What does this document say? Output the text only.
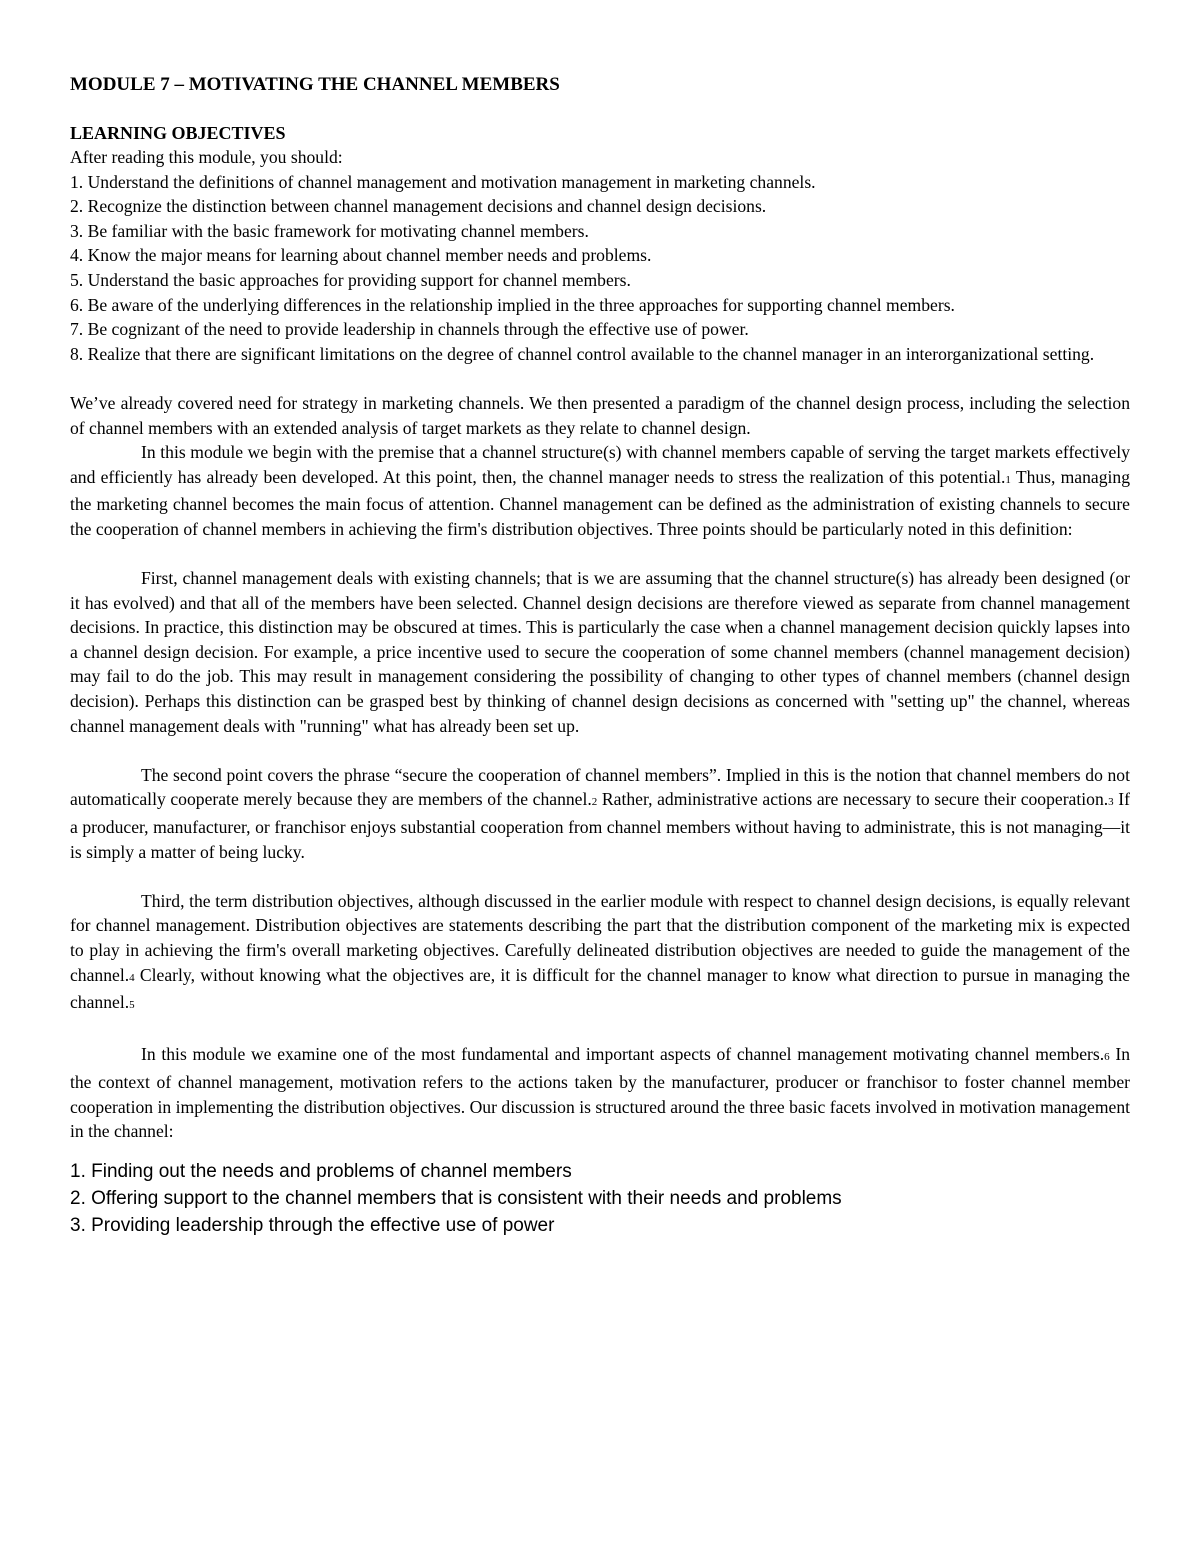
MODULE 7 – MOTIVATING THE CHANNEL MEMBERS
LEARNING OBJECTIVES

After reading this module, you should:

1. Understand the definitions of channel management and motivation management in marketing channels.

2. Recognize the distinction between channel management decisions and channel design decisions.

3. Be familiar with the basic framework for motivating channel members.

4. Know the major means for learning about channel member needs and problems.

5. Understand the basic approaches for providing support for channel members.

6. Be aware of the underlying differences in the relationship implied in the three approaches for supporting channel members.

7. Be cognizant of the need to provide leadership in channels through the effective use of power.

8. Realize that there are significant limitations on the degree of channel control available to the channel manager in an interorganizational setting.

We’ve already covered need for strategy in marketing channels. We then presented a paradigm of the channel design process, including the selection of channel members with an extended analysis of target markets as they relate to channel design.

In this module we begin with the premise that a channel structure(s) with channel members capable of serving the target markets effectively and efficiently has already been developed. At this point, then, the channel manager needs to stress the realization of this potential.1 Thus, managing the marketing channel becomes the main focus of attention. Channel management can be defined as the administration of existing channels to secure the cooperation of channel members in achieving the firm's distribution objectives. Three points should be particularly noted in this definition:

First, channel management deals with existing channels; that is we are assuming that the channel structure(s) has already been designed (or it has evolved) and that all of the members have been selected. Channel design decisions are therefore viewed as separate from channel management decisions. In practice, this distinction may be obscured at times. This is particularly the case when a channel management decision quickly lapses into a channel design decision. For example, a price incentive used to secure the cooperation of some channel members (channel management decision) may fail to do the job. This may result in management considering the possibility of changing to other types of channel members (channel design decision). Perhaps this distinction can be grasped best by thinking of channel design decisions as concerned with "setting up" the channel, whereas channel management deals with "running" what has already been set up.

The second point covers the phrase “secure the cooperation of channel members”. Implied in this is the notion that channel members do not automatically cooperate merely because they are members of the channel.2 Rather, administrative actions are necessary to secure their cooperation.3 If a producer, manufacturer, or franchisor enjoys substantial cooperation from channel members without having to administrate, this is not managing—it is simply a matter of being lucky.

Third, the term distribution objectives, although discussed in the earlier module with respect to channel design decisions, is equally relevant for channel management. Distribution objectives are statements describing the part that the distribution component of the marketing mix is expected to play in achieving the firm's overall marketing objectives. Carefully delineated distribution objectives are needed to guide the management of the channel.4 Clearly, without knowing what the objectives are, it is difficult for the channel manager to know what direction to pursue in managing the channel.5

In this module we examine one of the most fundamental and important aspects of channel management motivating channel members.6 In the context of channel management, motivation refers to the actions taken by the manufacturer, producer or franchisor to foster channel member cooperation in implementing the distribution objectives. Our discussion is structured around the three basic facets involved in motivation management in the channel:

1. Finding out the needs and problems of channel members
2. Offering support to the channel members that is consistent with their needs and problems
3. Providing leadership through the effective use of power
